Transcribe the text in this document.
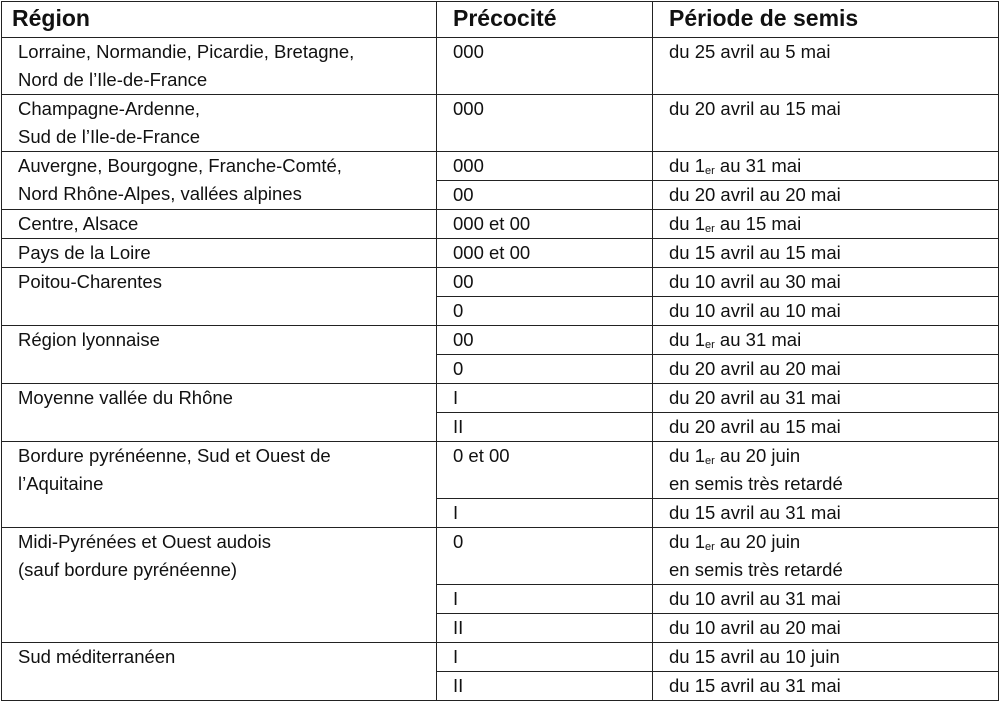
Région	Précocité	Période de semis

Lorraine, Normandie, Picardie, Bretagne,
Nord de l’Ile-de-France	000	du 25 avril au 5 mai

Champagne-Ardenne,
Sud de l’Ile-de-France	000	du 20 avril au 15 mai

Auvergne, Bourgogne, Franche-Comté,
Nord Rhône-Alpes, vallées alpines	000	du $1_{er}$ au 31 mai

	00	du 20 avril au 20 mai

Centre, Alsace	000 et 00	du $1_{er}$ au 15 mai

Pays de la Loire	000 et 00	du 15 avril au 15 mai

Poitou-Charentes	00	du 10 avril au 30 mai

	0	du 10 avril au 10 mai

Région lyonnaise	00	du $1_{er}$ au 31 mai

	0	du 20 avril au 20 mai

Moyenne vallée du Rhône	I	du 20 avril au 31 mai

	II	du 20 avril au 15 mai

Bordure pyrénéenne, Sud et Ouest de
l’Aquitaine	0 et 00	du $1_{er}$ au 20 juin
en semis très retardé

	I	du 15 avril au 31 mai

Midi-Pyrénées et Ouest audois
(sauf bordure pyrénéenne)	0	du $1_{er}$ au 20 juin
en semis très retardé

	I	du 10 avril au 31 mai

	II	du 10 avril au 20 mai

Sud méditerranéen	I	du 15 avril au 10 juin

	II	du 15 avril au 31 mai
